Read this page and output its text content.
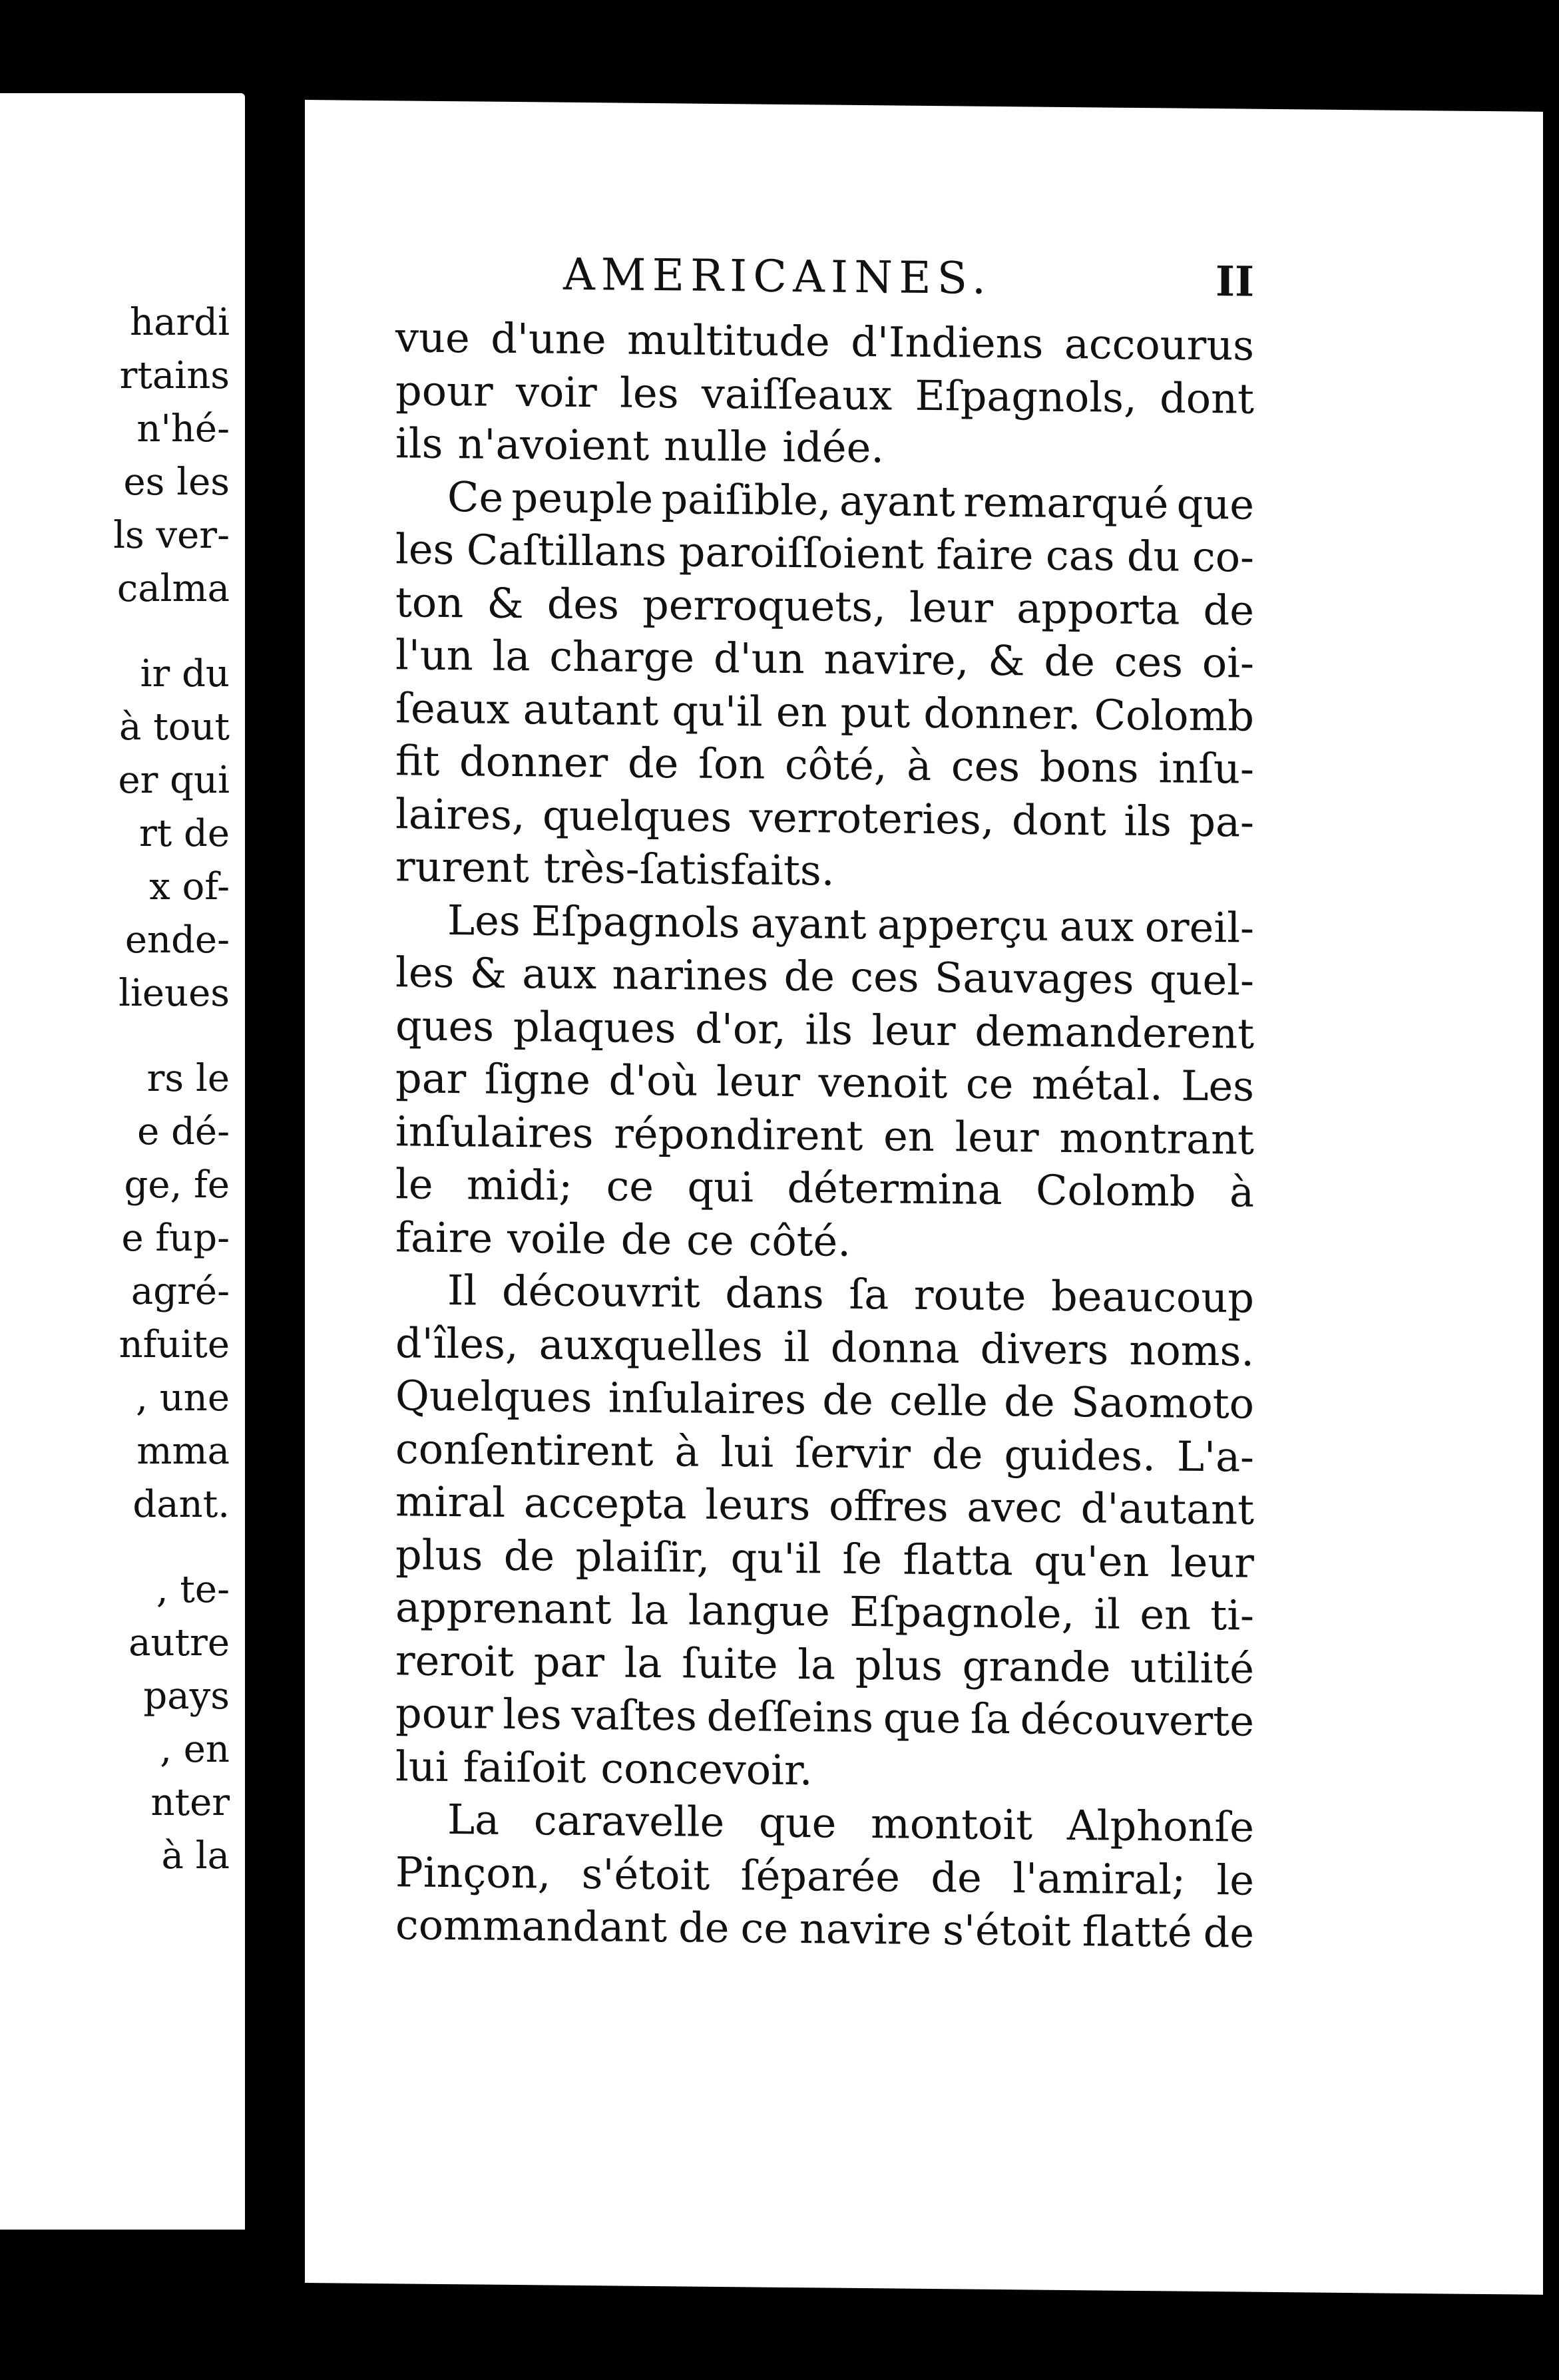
hardi
rtains
n'hé-
es les
ls ver-
calma
ir du
à tout
er qui
rt de
x of-
ende-
lieues
rs le
e dé-
ge, fe
e fup-
agré-
nfuite
, une
mma
dant.
, te-
autre
pays
, en
nter
à la
AMERICAINES.	II
vue d'une multitude d'Indiens accourus
pour voir les vaiſſeaux Eſpagnols, dont
ils n'avoient nulle idée.
Ce peuple paiſible, ayant remarqué que
les Caſtillans paroiſſoient faire cas du co-
ton & des perroquets, leur apporta de
l'un la charge d'un navire, & de ces oi-
ſeaux autant qu'il en put donner. Colomb
fit donner de ſon côté, à ces bons inſu-
laires, quelques verroteries, dont ils pa-
rurent très-ſatisfaits.
Les Eſpagnols ayant apperçu aux oreil-
les & aux narines de ces Sauvages quel-
ques plaques d'or, ils leur demanderent
par ſigne d'où leur venoit ce métal. Les
inſulaires répondirent en leur montrant
le midi; ce qui détermina Colomb à
faire voile de ce côté.
Il découvrit dans ſa route beaucoup
d'îles, auxquelles il donna divers noms.
Quelques inſulaires de celle de Saomoto
conſentirent à lui ſervir de guides. L'a-
miral accepta leurs offres avec d'autant
plus de plaiſir, qu'il ſe flatta qu'en leur
apprenant la langue Eſpagnole, il en ti-
reroit par la ſuite la plus grande utilité
pour les vaſtes deſſeins que ſa découverte
lui faiſoit concevoir.
La caravelle que montoit Alphonſe
Pinçon, s'étoit ſéparée de l'amiral; le
commandant de ce navire s'étoit flatté de
